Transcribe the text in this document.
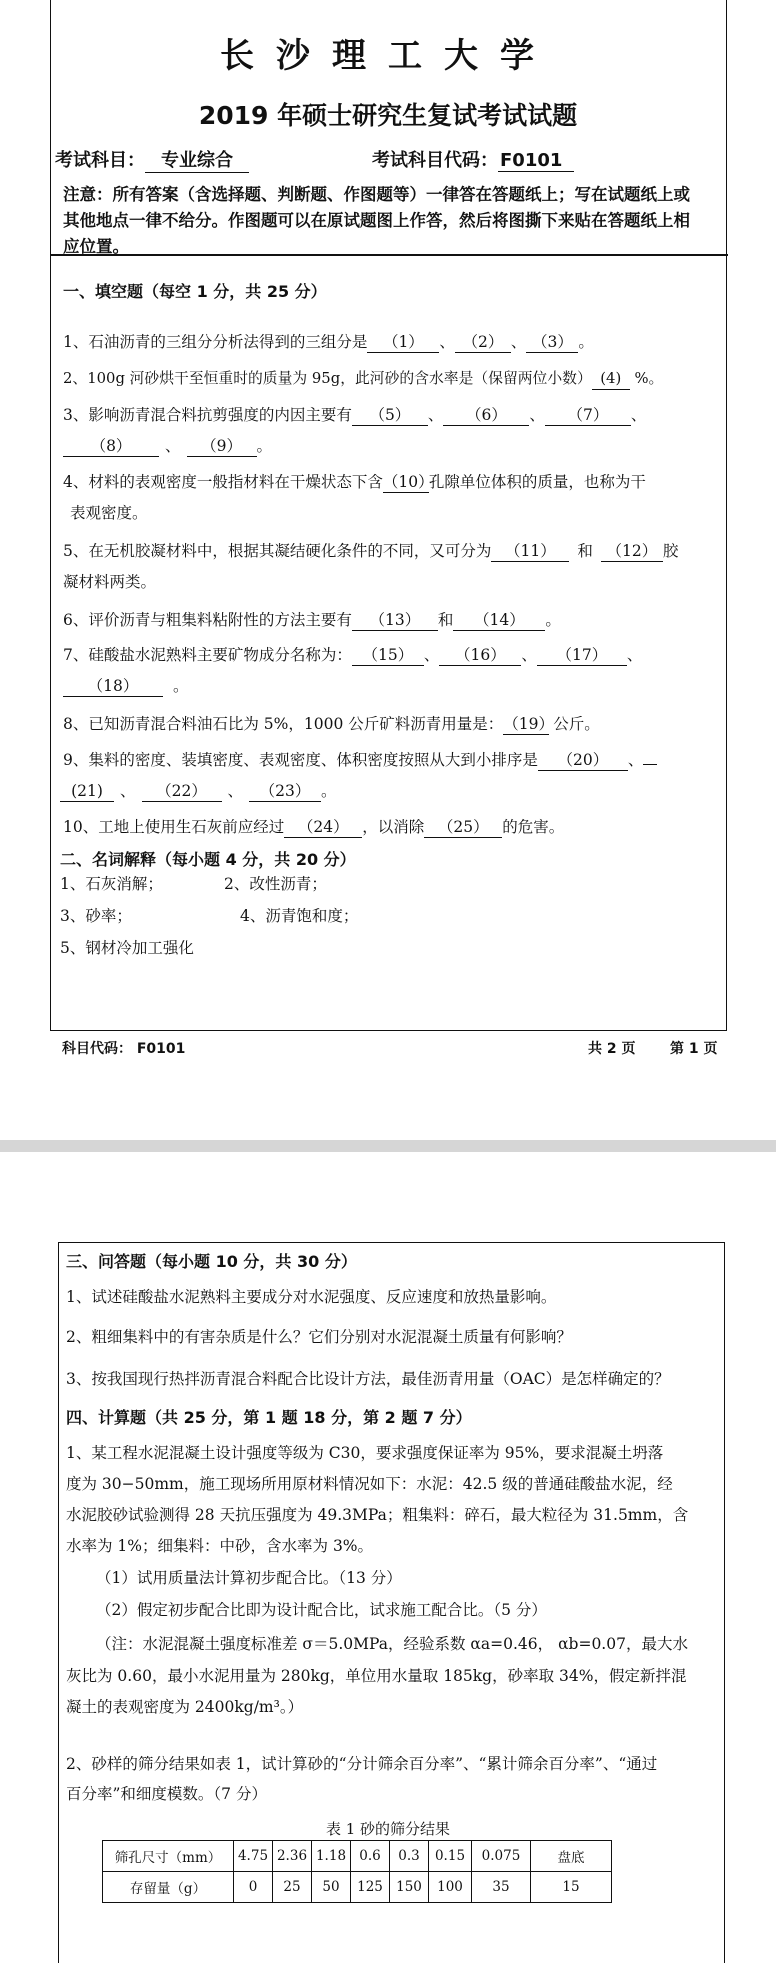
长沙理工大学
2019 年硕士研究生复试考试试题
考试科目： 专业综合	考试科目代码： F0101
注意：所有答案（含选择题、判断题、作图题等）一律答在答题纸上；写在试题纸上或
其他地点一律不给分。作图题可以在原试题图上作答，然后将图撕下来贴在答题纸上相
应位置。
一、填空题（每空 1 分，共 25 分）
1、石油沥青的三组分分析法得到的三组分是 （1） 、 （2） 、 （3） 。
2、100g 河砂烘干至恒重时的质量为 95g，此河砂的含水率是（保留两位小数） (4) %。
3、影响沥青混合料抗剪强度的内因主要有 （5） 、 （6） 、 （7） 、
（8） 、 （9） 。
4、材料的表观密度一般指材料在干燥状态下含（10）孔隙单位体积的质量，也称为干
表观密度。
5、在无机胶凝材料中，根据其凝结硬化条件的不同，又可分为 （11） 和 （12） 胶
凝材料两类。
6、评价沥青与粗集料粘附性的方法主要有 （13） 和 （14） 。
7、硅酸盐水泥熟料主要矿物成分名称为： （15） 、 （16） 、 （17） 、
（18） 。
8、已知沥青混合料油石比为 5%，1000 公斤矿料沥青用量是：（19）公斤。
9、集料的密度、装填密度、表观密度、体积密度按照从大到小排序是 （20） 、
(21) 、 （22） 、 （23） 。
10、工地上使用生石灰前应经过 （24） ，以消除 （25） 的危害。
二、名词解释（每小题 4 分，共 20 分）
1、石灰消解；	2、改性沥青；
3、砂率；	4、沥青饱和度；
5、钢材冷加工强化
科目代码： F0101	共 2 页 第 1 页
三、问答题（每小题 10 分，共 30 分）
1、试述硅酸盐水泥熟料主要成分对水泥强度、反应速度和放热量影响。
2、粗细集料中的有害杂质是什么？它们分别对水泥混凝土质量有何影响？
3、按我国现行热拌沥青混合料配合比设计方法，最佳沥青用量（OAC）是怎样确定的？
四、计算题（共 25 分，第 1 题 18 分，第 2 题 7 分）
1、某工程水泥混凝土设计强度等级为 C30，要求强度保证率为 95%，要求混凝土坍落
度为 30−50mm，施工现场所用原材料情况如下：水泥：42.5 级的普通硅酸盐水泥，经
水泥胶砂试验测得 28 天抗压强度为 49.3MPa；粗集料：碎石，最大粒径为 31.5mm，含
水率为 1%；细集料：中砂，含水率为 3%。
（1）试用质量法计算初步配合比。（13 分）
（2）假定初步配合比即为设计配合比，试求施工配合比。（5 分）
（注：水泥混凝土强度标准差 σ＝5.0MPa，经验系数 αa=0.46， αb=0.07，最大水
灰比为 0.60，最小水泥用量为 280kg，单位用水量取 185kg，砂率取 34%，假定新拌混
凝土的表观密度为 2400kg/m³。）
2、砂样的筛分结果如表 1，试计算砂的“分计筛余百分率”、“累计筛余百分率”、“通过
百分率”和细度模数。（7 分）
表 1 砂的筛分结果
筛孔尺寸（mm）	4.75	2.36	1.18	0.6	0.3	0.15	0.075	盘底
存留量（g）	0	25	50	125	150	100	35	15
